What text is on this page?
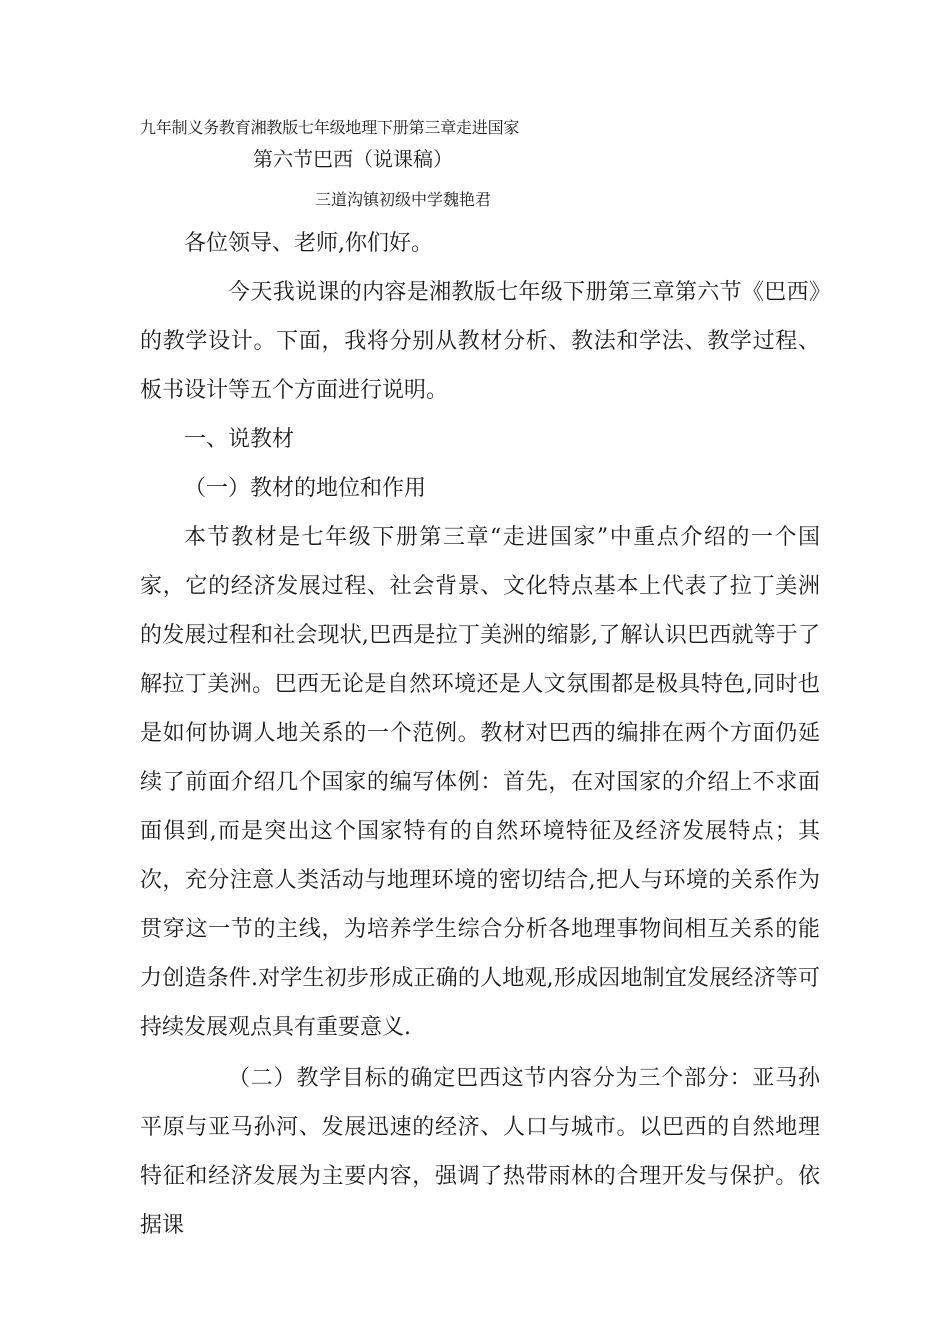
九年制义务教育湘教版七年级地理下册第三章走进国家

第六节巴西（说课稿）

三道沟镇初级中学魏艳君

各位领导、老师,你们好。

今天我说课的内容是湘教版七年级下册第三章第六节《巴西》的教学设计。下面，我将分别从教材分析、教法和学法、教学过程、板书设计等五个方面进行说明。

一、说教材

（一）教材的地位和作用

本节教材是七年级下册第三章“走进国家”中重点介绍的一个国家，它的经济发展过程、社会背景、文化特点基本上代表了拉丁美洲的发展过程和社会现状,巴西是拉丁美洲的缩影,了解认识巴西就等于了解拉丁美洲。巴西无论是自然环境还是人文氛围都是极具特色,同时也是如何协调人地关系的一个范例。教材对巴西的编排在两个方面仍延续了前面介绍几个国家的编写体例：首先，在对国家的介绍上不求面面俱到,而是突出这个国家特有的自然环境特征及经济发展特点；其次，充分注意人类活动与地理环境的密切结合,把人与环境的关系作为贯穿这一节的主线，为培养学生综合分析各地理事物间相互关系的能力创造条件.对学生初步形成正确的人地观,形成因地制宜发展经济等可持续发展观点具有重要意义.

（二）教学目标的确定巴西这节内容分为三个部分：亚马孙平原与亚马孙河、发展迅速的经济、人口与城市。以巴西的自然地理特征和经济发展为主要内容，强调了热带雨林的合理开发与保护。依据课
